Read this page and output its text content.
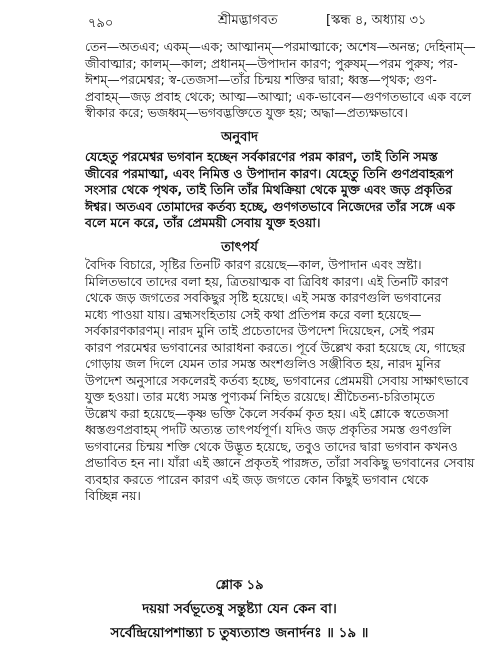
৭৯০	শ্রীমদ্ভাগবত	[স্কন্ধ ৪, অধ্যায় ৩১
তেন—অতএব; একম্—এক; আত্মানম্—পরমাত্মাকে; অশেষ—অনন্ত; দেহিনাম্—
জীবাত্মার; কালম্—কাল; প্রধানম্—উপাদান কারণ; পুরুষম্—পরম পুরুষ; পর-
ঈশম্—পরমেশ্বর; স্ব-তেজসা—তাঁর চিন্ময় শক্তির দ্বারা; ধ্বস্ত—পৃথক; গুণ-
প্রবাহম্—জড় প্রবাহ থেকে; আত্ম—আত্মা; এক-ভাবেন—গুণগতভাবে এক বলে
স্বীকার করে; ভজধ্বম্—ভগবদ্ভক্তিতে যুক্ত হয়; অদ্ধা—প্রত্যক্ষভাবে।
অনুবাদ
যেহেতু পরমেশ্বর ভগবান হচ্ছেন সর্বকারণের পরম কারণ, তাই তিনি সমস্ত
জীবের পরমাত্মা, এবং নিমিত্ত ও উপাদান কারণ। যেহেতু তিনি গুণপ্রবাহরূপ
সংসার থেকে পৃথক, তাই তিনি তাঁর মিথক্রিয়া থেকে মুক্ত এবং জড় প্রকৃতির
ঈশ্বর। অতএব তোমাদের কর্তব্য হচ্ছে, গুণগতভাবে নিজেদের তাঁর সঙ্গে এক
বলে মনে করে, তাঁর প্রেমময়ী সেবায় যুক্ত হওয়া।
তাৎপর্য
বৈদিক বিচারে, সৃষ্টির তিনটি কারণ রয়েছে—কাল, উপাদান এবং স্রষ্টা।
মিলিতভাবে তাদের বলা হয়, ত্রিতয়াত্মক বা ত্রিবিধ কারণ। এই তিনটি কারণ
থেকে জড় জগতের সবকিছুর সৃষ্টি হয়েছে। এই সমস্ত কারণগুলি ভগবানের
মধ্যে পাওয়া যায়। ব্রহ্মসংহিতায় সেই কথা প্রতিপন্ন করে বলা হয়েছে—
সর্বকারণকারণম্। নারদ মুনি তাই প্রচেতাদের উপদেশ দিয়েছেন, সেই পরম
কারণ পরমেশ্বর ভগবানের আরাধনা করতে। পূর্বে উল্লেখ করা হয়েছে যে, গাছের
গোড়ায় জল দিলে যেমন তার সমস্ত অংশগুলিও সঞ্জীবিত হয়, নারদ মুনির
উপদেশ অনুসারে সকলেরই কর্তব্য হচ্ছে, ভগবানের প্রেমময়ী সেবায় সাক্ষাৎভাবে
যুক্ত হওয়া। তার মধ্যে সমস্ত পুণ্যকর্ম নিহিত রয়েছে। শ্রীচৈতন্য-চরিতামৃতে
উল্লেখ করা হয়েছে—কৃষ্ণ ভক্তি কৈলে সর্বকর্ম কৃত হয়। এই শ্লোকে স্বতেজসা
ধ্বস্তগুণপ্রবাহম্ পদটি অত্যন্ত তাৎপর্যপূর্ণ। যদিও জড় প্রকৃতির সমস্ত গুণগুলি
ভগবানের চিন্ময় শক্তি থেকে উদ্ভূত হয়েছে, তবুও তাদের দ্বারা ভগবান কখনও
প্রভাবিত হন না। যাঁরা এই জ্ঞানে প্রকৃতই পারঙ্গত, তাঁরা সবকিছু ভগবানের সেবায়
ব্যবহার করতে পারেন কারণ এই জড় জগতে কোন কিছুই ভগবান থেকে
বিচ্ছিন্ন নয়।
শ্লোক ১৯
দয়য়া সর্বভূতেষু সন্তুষ্ট্যা যেন কেন বা।
সর্বেন্দ্রিয়োপশান্ত্যা চ তুষ্যত্যাশু জনার্দনঃ ॥ ১৯ ॥
